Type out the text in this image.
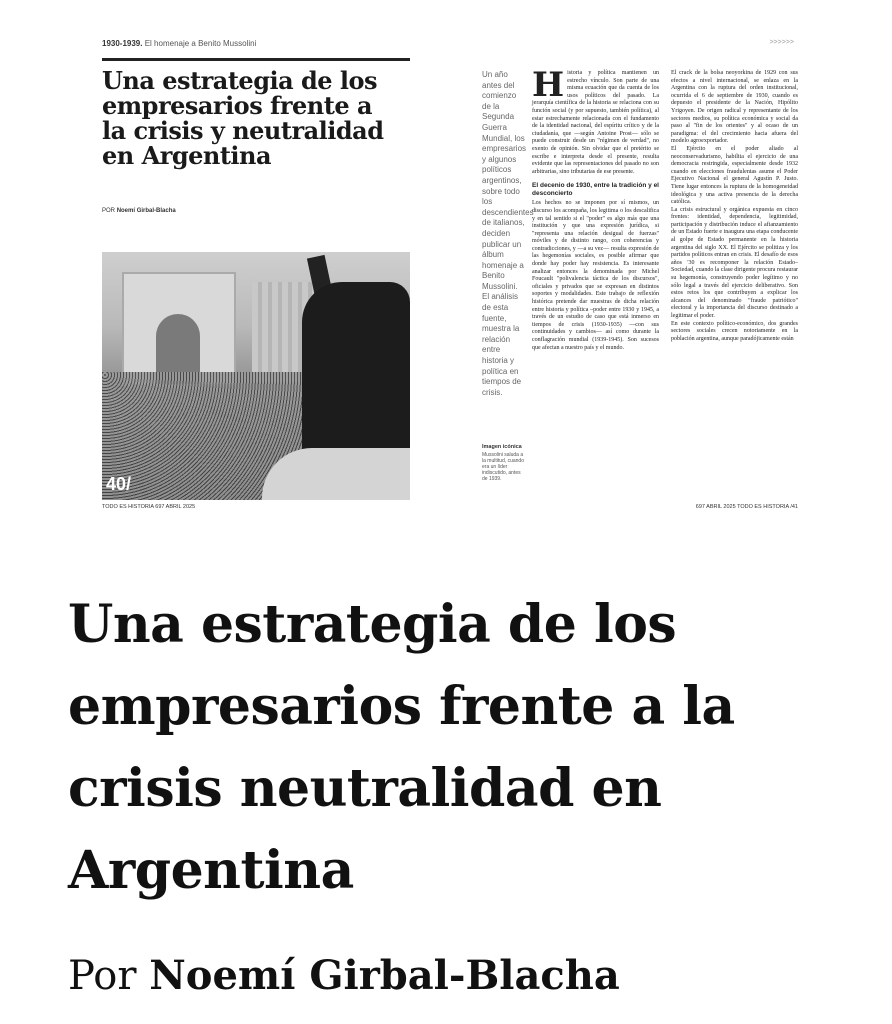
1930-1939. El homenaje a Benito Mussolini
Una estrategia de los empresarios frente a la crisis y neutralidad en Argentina
POR Noemí Girbal-Blacha
40/
TODO ES HISTORIA 697 ABRIL 2025
Un año antes del comienzo de la Segunda Guerra Mundial, los empresarios y algunos políticos argentinos, sobre todo los descendientes de italianos, deciden publicar un álbum homenaje a Benito Mussolini. El análisis de esta fuente, muestra la relación entre historia y política en tiempos de crisis.
Imagen icónica
Mussolini saluda a la multitud, cuando era un líder indiscutido, antes de 1939.
>>>>>>

Historia y política mantienen un estrecho vínculo. Son parte de una misma ecuación que da cuenta de los usos políticos del pasado. La jerarquía científica de la historia se relaciona con su función social (y por supuesto, también política), al estar estrechamente relacionada con el fundamento de la identidad nacional, del espíritu crítico y de la ciudadanía, que —según Antoine Prost— sólo se puede construir desde un "régimen de verdad", no exento de opinión. Sin olvidar que el pretérito se escribe e interpreta desde el presente, resulta evidente que las representaciones del pasado no son arbitrarias, sino tributarias de ese presente.

El decenio de 1930, entre la tradición y el desconcierto

Los hechos no se imponen por sí mismos, un discurso los acompaña, los legitima o los descalifica y en tal sentido si el "poder" es algo más que una institución y que una expresión jurídica, si "representa una relación desigual de fuerzas" móviles y de distinto rango, con coherencias y contradicciones, y —a su vez— resulta expresión de las hegemonías sociales, es posible afirmar que donde hay poder hay resistencia. Es interesante analizar entonces la denominada por Michel Foucault "polivalencia táctica de los discursos", oficiales y privados que se expresan en distintos soportes y modalidades. Este trabajo de reflexión histórica pretende dar muestras de dicha relación entre historia y política –poder entre 1930 y 1945, a través de un estudio de caso que está inmerso en tiempos de crisis (1930-1935) —con sus continuidades y cambios— así como durante la conflagración mundial (1939-1945). Son sucesos que afectan a nuestro país y el mundo.

El crack de la bolsa neoyorkina de 1929 con sus efectos a nivel internacional, se enlaza en la Argentina con la ruptura del orden institucional, ocurrida el 6 de septiembre de 1930, cuando es depuesto el presidente de la Nación, Hipólito Yrigoyen. De origen radical y representante de los sectores medios, su política económica y social da paso al "fin de los orientes" y al ocaso de un paradigma: el del crecimiento hacia afuera del modelo agroexportador.

El Ejército en el poder aliado al neoconservadurismo, habilita el ejercicio de una democracia restringida, especialmente desde 1932 cuando en elecciones fraudulentas asume el Poder Ejecutivo Nacional el general Agustín P. Justo. Tiene lugar entonces la ruptura de la homogeneidad ideológica y una activa presencia de la derecha católica.

La crisis estructural y orgánica expuesta en cinco frentes: identidad, dependencia, legitimidad, participación y distribución induce el afianzamiento de un Estado fuerte e inaugura una etapa conducente al golpe de Estado permanente en la historia argentina del siglo XX. El Ejército se politiza y los partidos políticos entran en crisis. El desafío de esos años '30 es recomponer la relación Estado–Sociedad, cuando la clase dirigente procura restaurar su hegemonía, construyendo poder legítimo y no sólo legal a través del ejercicio deliberativo. Son estos retos los que contribuyen a explicar los alcances del denominado "fraude patriótico" electoral y la importancia del discurso destinado a legitimar el poder.

En este contexto político-económico, dos grandes sectores sociales crecen notoriamente en la población argentina, aunque paradójicamente están

697 ABRIL 2025 TODO ES HISTORIA /41
Una estrategia de los empresarios frente a la crisis neutralidad en Argentina
Por Noemí Girbal-Blacha
